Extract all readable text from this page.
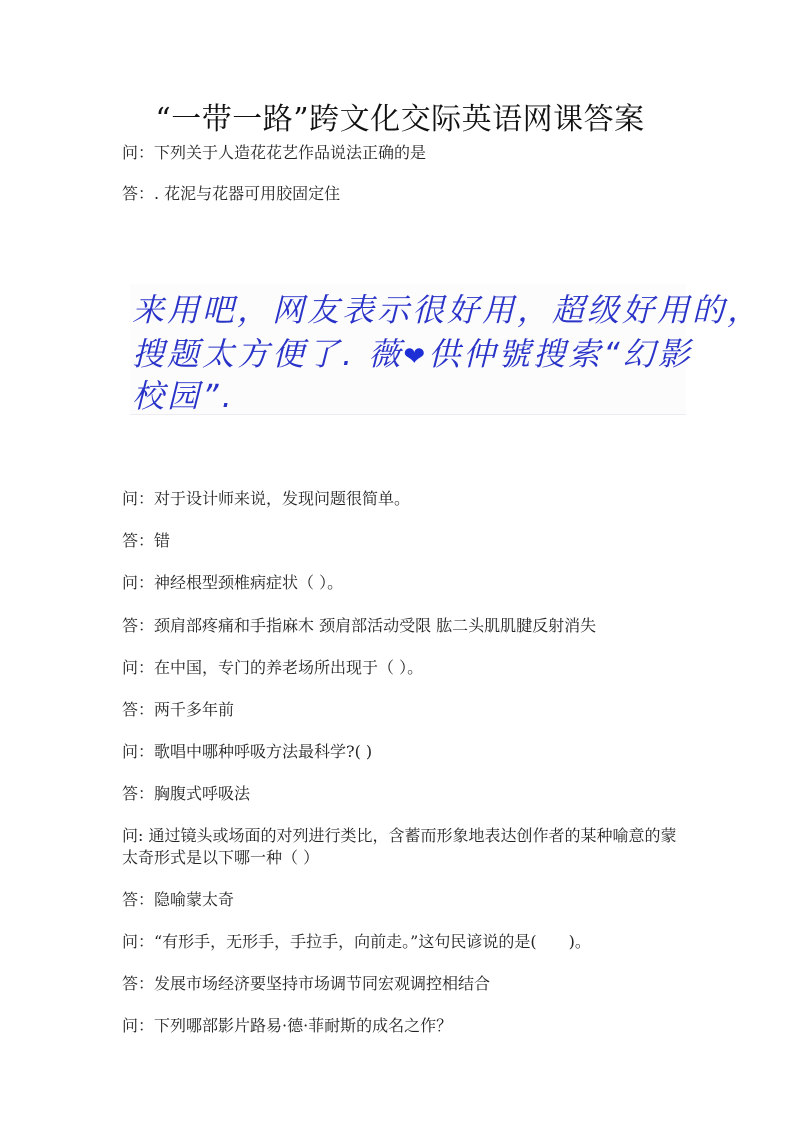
“一带一路”跨文化交际英语网课答案

问：下列关于人造花花艺作品说法正确的是

答：. 花泥与花器可用胶固定住

来用吧，网友表示很好用，超级好用的，
搜题太方便了. 薇❤供仲號搜索“幻影
校园”.

问：对于设计师来说，发现问题很简单。

答：错

问：神经根型颈椎病症状（ ）。

答：颈肩部疼痛和手指麻木 颈肩部活动受限 肱二头肌肌腱反射消失

问：在中国，专门的养老场所出现于（ ）。

答：两千多年前

问：歌唱中哪种呼吸方法最科学?( )

答：胸腹式呼吸法

问: 通过镜头或场面的对列进行类比，含蓄而形象地表达创作者的某种喻意的蒙太奇形式是以下哪一种（ ）

答：隐喻蒙太奇

问：“有形手，无形手，手拉手，向前走。”这句民谚说的是(　　)。

答：发展市场经济要坚持市场调节同宏观调控相结合

问：下列哪部影片路易·德·菲耐斯的成名之作？
